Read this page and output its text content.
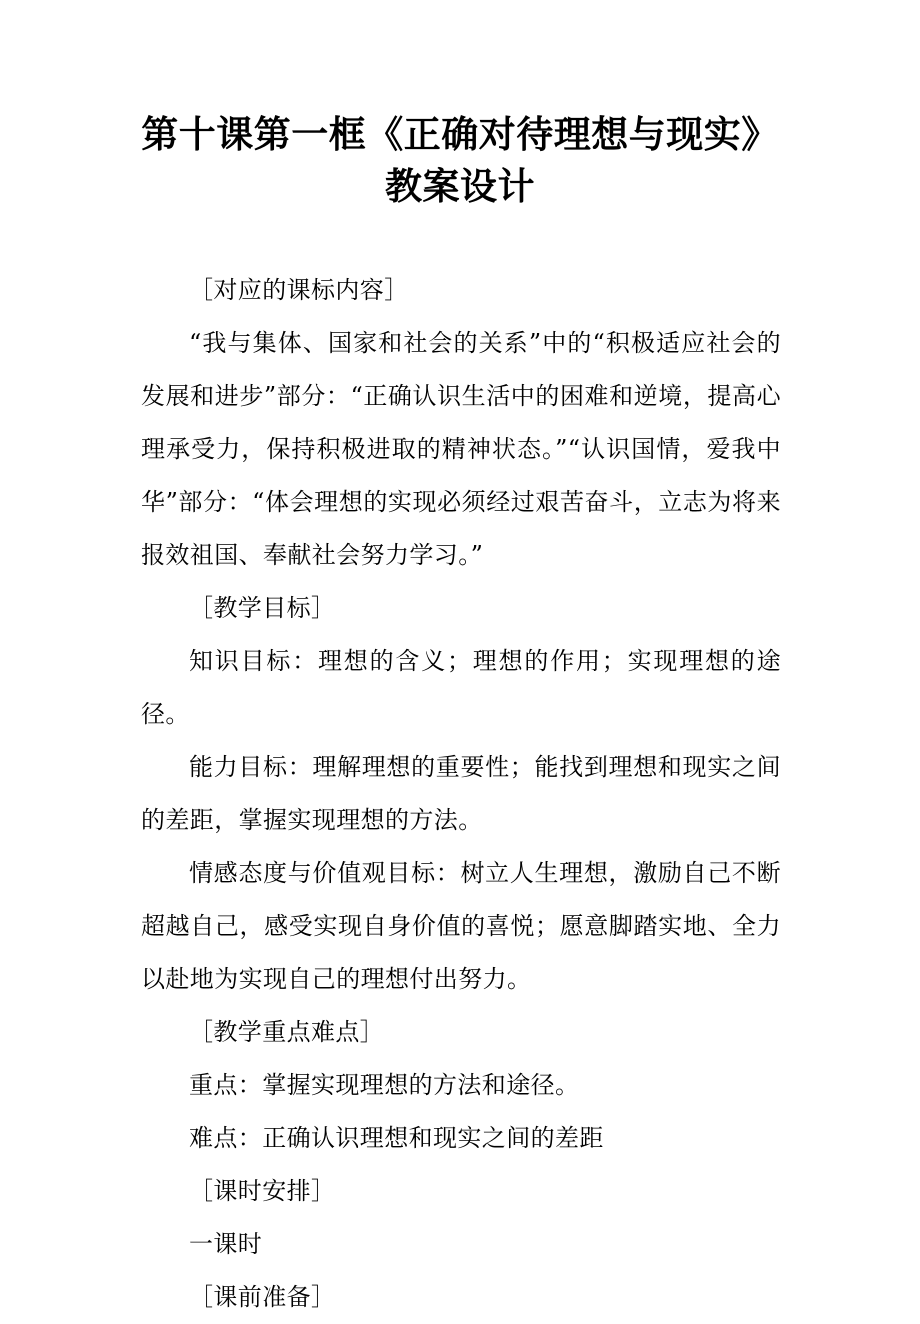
第十课第一框《正确对待理想与现实》
教案设计

［对应的课标内容］

“我与集体、国家和社会的关系”中的“积极适应社会的发展和进步”部分：“正确认识生活中的困难和逆境，提高心理承受力，保持积极进取的精神状态。”“认识国情，爱我中华”部分：“体会理想的实现必须经过艰苦奋斗，立志为将来报效祖国、奉献社会努力学习。”

［教学目标］

知识目标：理想的含义；理想的作用；实现理想的途径。

能力目标：理解理想的重要性；能找到理想和现实之间的差距，掌握实现理想的方法。

情感态度与价值观目标：树立人生理想，激励自己不断超越自己，感受实现自身价值的喜悦；愿意脚踏实地、全力以赴地为实现自己的理想付出努力。

［教学重点难点］

重点：掌握实现理想的方法和途径。

难点：正确认识理想和现实之间的差距

［课时安排］

一课时

［课前准备］
